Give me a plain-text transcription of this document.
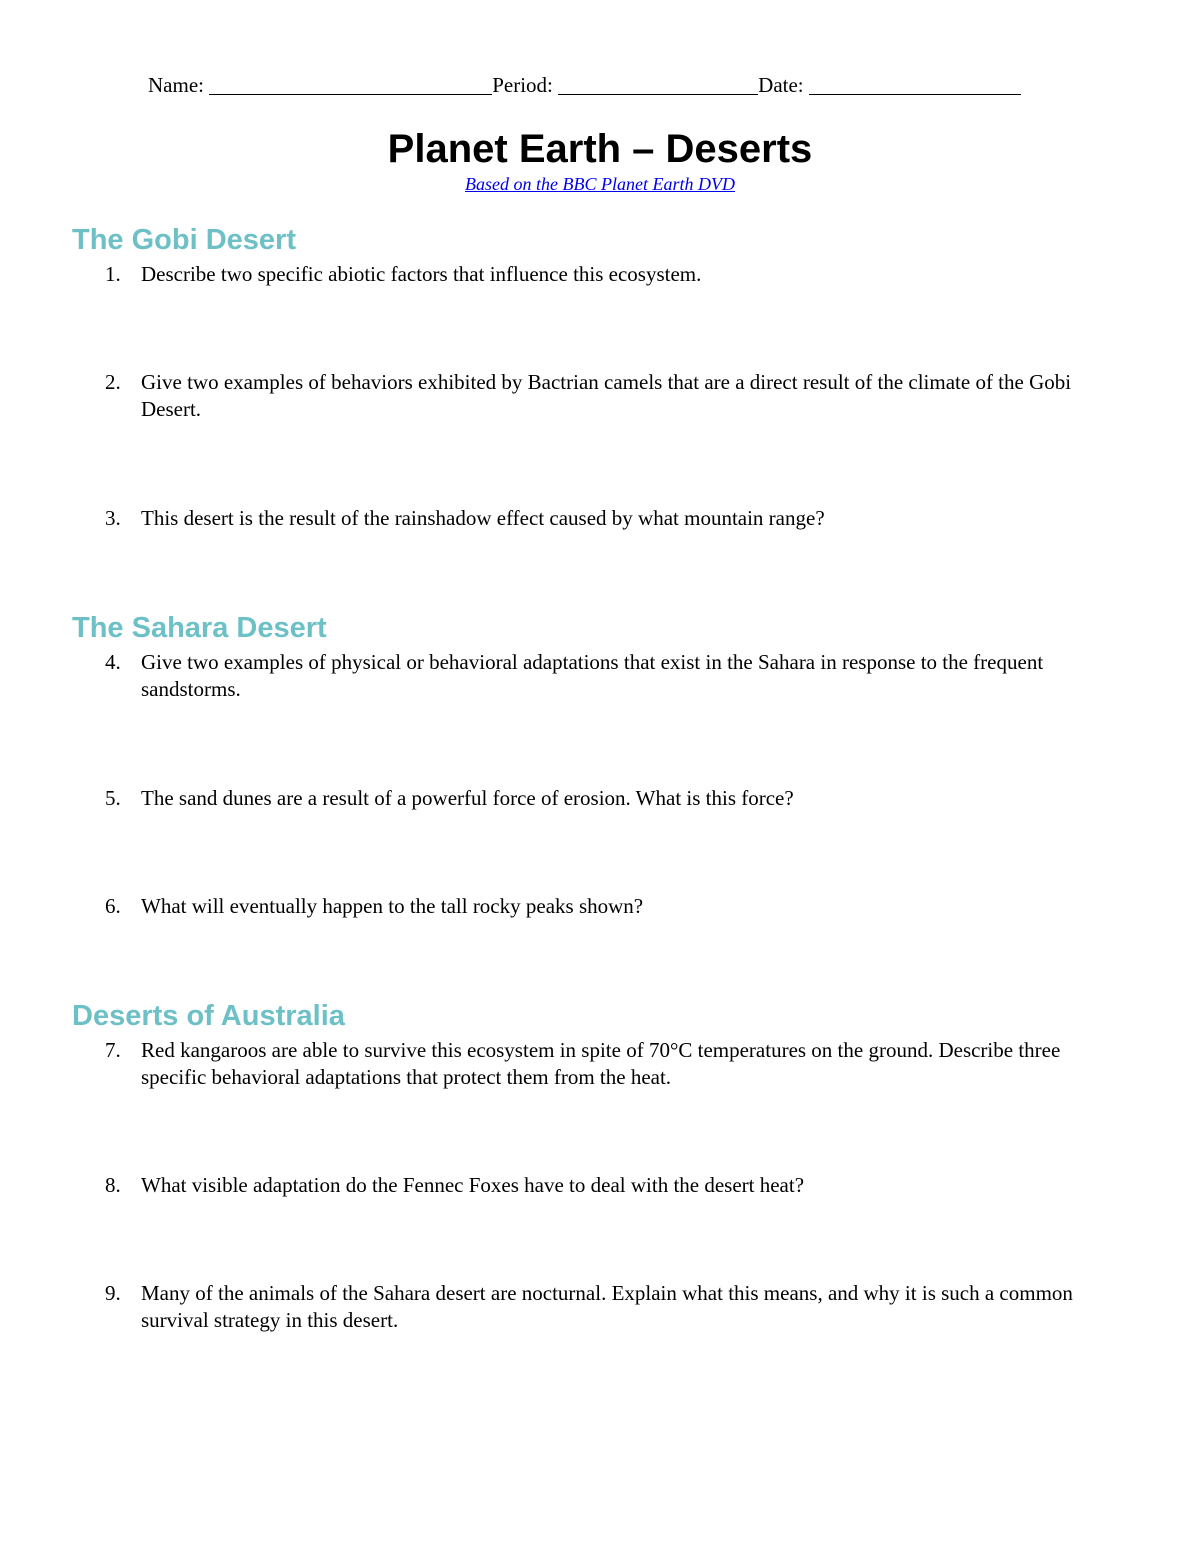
Name:	Period:	Date:
Planet Earth – Deserts
Based on the BBC Planet Earth DVD
The Gobi Desert
1. Describe two specific abiotic factors that influence this ecosystem.
2. Give two examples of behaviors exhibited by Bactrian camels that are a direct result of the climate of the Gobi Desert.
3. This desert is the result of the rainshadow effect caused by what mountain range?
The Sahara Desert
4. Give two examples of physical or behavioral adaptations that exist in the Sahara in response to the frequent sandstorms.
5. The sand dunes are a result of a powerful force of erosion. What is this force?
6. What will eventually happen to the tall rocky peaks shown?
Deserts of Australia
7. Red kangaroos are able to survive this ecosystem in spite of 70°C temperatures on the ground. Describe three specific behavioral adaptations that protect them from the heat.
8. What visible adaptation do the Fennec Foxes have to deal with the desert heat?
9. Many of the animals of the Sahara desert are nocturnal. Explain what this means, and why it is such a common survival strategy in this desert.
